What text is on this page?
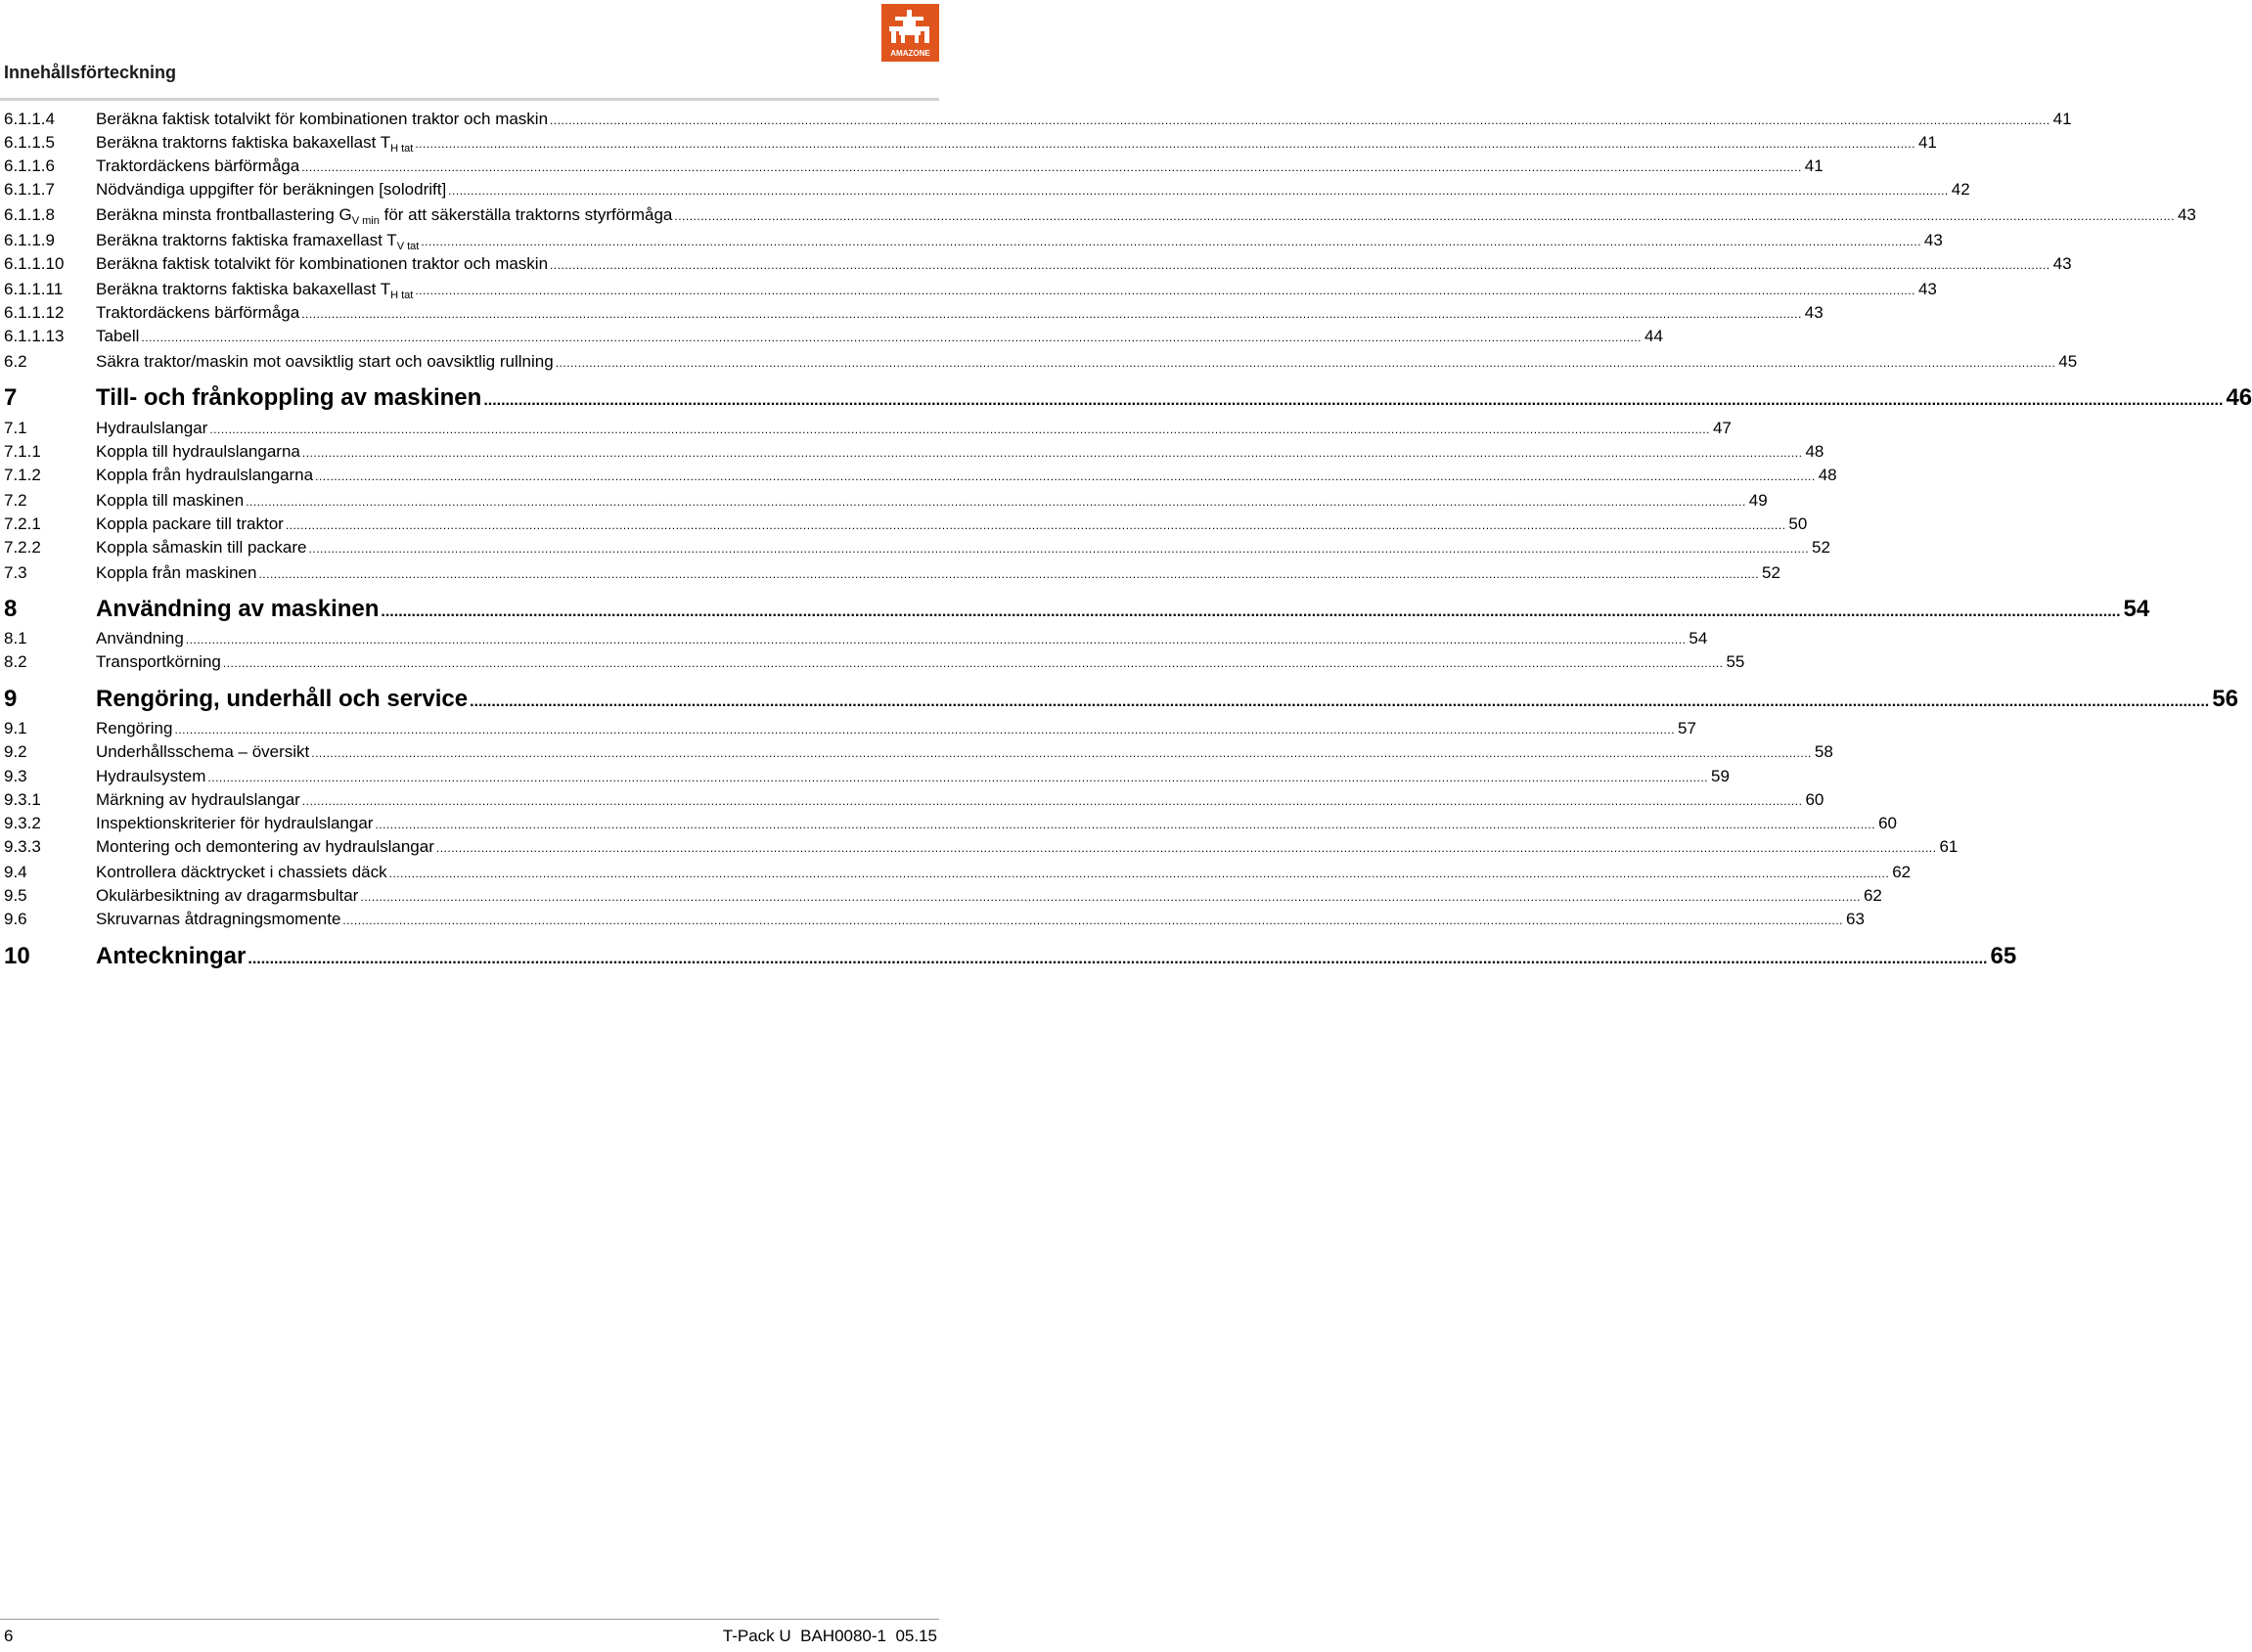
Innehållsförteckning
AMAZONE
6.1.1.4	Beräkna faktisk totalvikt för kombinationen traktor och maskin ................................................................................................................................................................................................................................................................................................................................................................................................................ 41
6.1.1.5	Beräkna traktorns faktiska bakaxellast $T_{H tat}$ ................................................................................................................................................................................................................................................................................................................................................................................................................ 41
6.1.1.6	Traktordäckens bärförmåga ................................................................................................................................................................................................................................................................................................................................................................................................................ 41
6.1.1.7	Nödvändiga uppgifter för beräkningen [solodrift] ................................................................................................................................................................................................................................................................................................................................................................................................................ 42
6.1.1.8	Beräkna minsta frontballastering $G_{V min}$ för att säkerställa traktorns styrförmåga ................................................................................................................................................................................................................................................................................................................................................................................................................ 43
6.1.1.9	Beräkna traktorns faktiska framaxellast $T_{V tat}$ ................................................................................................................................................................................................................................................................................................................................................................................................................ 43
6.1.1.10	Beräkna faktisk totalvikt för kombinationen traktor och maskin ................................................................................................................................................................................................................................................................................................................................................................................................................ 43
6.1.1.11	Beräkna traktorns faktiska bakaxellast $T_{H tat}$ ................................................................................................................................................................................................................................................................................................................................................................................................................ 43
6.1.1.12	Traktordäckens bärförmåga ................................................................................................................................................................................................................................................................................................................................................................................................................ 43
6.1.1.13	Tabell ................................................................................................................................................................................................................................................................................................................................................................................................................ 44
6.2	Säkra traktor/maskin mot oavsiktlig start och oavsiktlig rullning ................................................................................................................................................................................................................................................................................................................................................................................................................ 45
7	Till- och frånkoppling av maskinen ................................................................................................................................................................................................................................................................................................................................................................................................................ 46
7.1	Hydraulslangar ................................................................................................................................................................................................................................................................................................................................................................................................................ 47
7.1.1	Koppla till hydraulslangarna ................................................................................................................................................................................................................................................................................................................................................................................................................ 48
7.1.2	Koppla från hydraulslangarna ................................................................................................................................................................................................................................................................................................................................................................................................................ 48
7.2	Koppla till maskinen ................................................................................................................................................................................................................................................................................................................................................................................................................ 49
7.2.1	Koppla packare till traktor ................................................................................................................................................................................................................................................................................................................................................................................................................ 50
7.2.2	Koppla såmaskin till packare ................................................................................................................................................................................................................................................................................................................................................................................................................ 52
7.3	Koppla från maskinen ................................................................................................................................................................................................................................................................................................................................................................................................................ 52
8	Användning av maskinen ................................................................................................................................................................................................................................................................................................................................................................................................................ 54
8.1	Användning ................................................................................................................................................................................................................................................................................................................................................................................................................ 54
8.2	Transportkörning ................................................................................................................................................................................................................................................................................................................................................................................................................ 55
9	Rengöring, underhåll och service ................................................................................................................................................................................................................................................................................................................................................................................................................ 56
9.1	Rengöring ................................................................................................................................................................................................................................................................................................................................................................................................................ 57
9.2	Underhållsschema – översikt ................................................................................................................................................................................................................................................................................................................................................................................................................ 58
9.3	Hydraulsystem ................................................................................................................................................................................................................................................................................................................................................................................................................ 59
9.3.1	Märkning av hydraulslangar ................................................................................................................................................................................................................................................................................................................................................................................................................ 60
9.3.2	Inspektionskriterier för hydraulslangar ................................................................................................................................................................................................................................................................................................................................................................................................................ 60
9.3.3	Montering och demontering av hydraulslangar ................................................................................................................................................................................................................................................................................................................................................................................................................ 61
9.4	Kontrollera däcktrycket i chassiets däck ................................................................................................................................................................................................................................................................................................................................................................................................................ 62
9.5	Okulärbesiktning av dragarmsbultar ................................................................................................................................................................................................................................................................................................................................................................................................................ 62
9.6	Skruvarnas åtdragningsmomente ................................................................................................................................................................................................................................................................................................................................................................................................................ 63
10	Anteckningar ................................................................................................................................................................................................................................................................................................................................................................................................................ 65
6	T-Pack U  BAH0080-1  05.15
